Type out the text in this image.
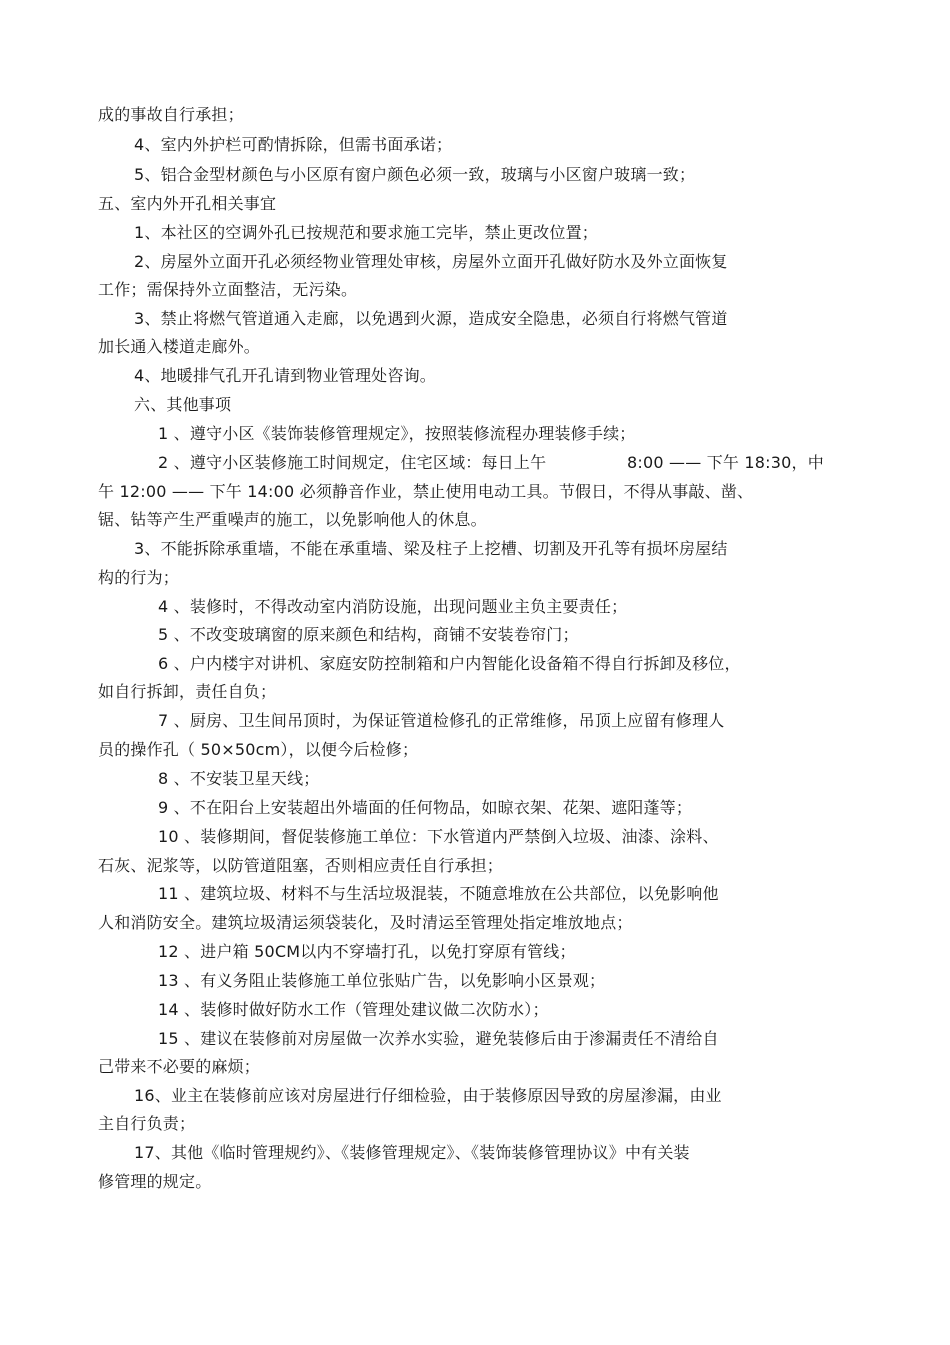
成的事故自行承担；
4、室内外护栏可酌情拆除，但需书面承诺；
5、铝合金型材颜色与小区原有窗户颜色必须一致，玻璃与小区窗户玻璃一致；
五、室内外开孔相关事宜
1、本社区的空调外孔已按规范和要求施工完毕，禁止更改位置；
2、房屋外立面开孔必须经物业管理处审核，房屋外立面开孔做好防水及外立面恢复
工作；需保持外立面整洁，无污染。
3、禁止将燃气管道通入走廊，以免遇到火源，造成安全隐患，必须自行将燃气管道
加长通入楼道走廊外。
4、地暖排气孔开孔请到物业管理处咨询。
六、其他事项
1 、遵守小区《装饰装修管理规定》，按照装修流程办理装修手续；
2 、遵守小区装修施工时间规定，住宅区域：每日上午	8:00 —— 下午 18:30，中
午 12:00 —— 下午 14:00 必须静音作业，禁止使用电动工具。节假日，不得从事敲、凿、
锯、钻等产生严重噪声的施工，以免影响他人的休息。
3、不能拆除承重墙，不能在承重墙、梁及柱子上挖槽、切割及开孔等有损坏房屋结
构的行为；
4 、装修时，不得改动室内消防设施，出现问题业主负主要责任；
5 、不改变玻璃窗的原来颜色和结构，商铺不安装卷帘门；
6 、户内楼宇对讲机、家庭安防控制箱和户内智能化设备箱不得自行拆卸及移位，
如自行拆卸，责任自负；
7 、厨房、卫生间吊顶时，为保证管道检修孔的正常维修，吊顶上应留有修理人
员的操作孔（ 50×50cm），以便今后检修；
8 、不安装卫星天线；
9 、不在阳台上安装超出外墙面的任何物品，如晾衣架、花架、遮阳蓬等；
10 、装修期间，督促装修施工单位：下水管道内严禁倒入垃圾、油漆、涂料、
石灰、泥浆等，以防管道阻塞，否则相应责任自行承担；
11 、建筑垃圾、材料不与生活垃圾混装，不随意堆放在公共部位，以免影响他
人和消防安全。建筑垃圾清运须袋装化，及时清运至管理处指定堆放地点；
12 、进户箱 50CM以内不穿墙打孔，以免打穿原有管线；
13 、有义务阻止装修施工单位张贴广告，以免影响小区景观；
14 、装修时做好防水工作（管理处建议做二次防水）；
15 、建议在装修前对房屋做一次养水实验，避免装修后由于渗漏责任不清给自
己带来不必要的麻烦；
16、业主在装修前应该对房屋进行仔细检验，由于装修原因导致的房屋渗漏，由业
主自行负责；
17、其他《临时管理规约》、《装修管理规定》、《装饰装修管理协议》中有关装
修管理的规定。
